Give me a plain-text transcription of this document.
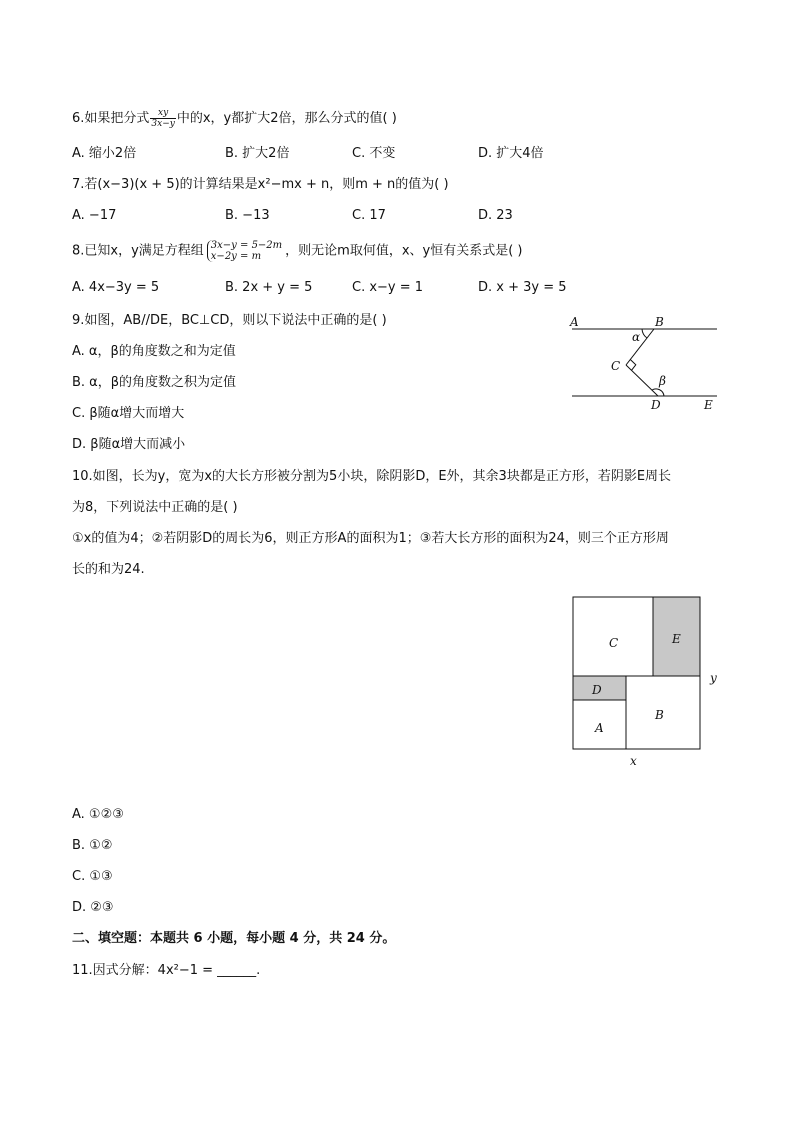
6.如果把分式 $\frac{xy}{3x-y}$ 中的x，y都扩大2倍，那么分式的值( )
A. 缩小2倍	B. 扩大2倍	C. 不变	D. 扩大4倍
7.若(x−3)(x + 5)的计算结果是x²−mx + n，则m + n的值为( )
A. −17	B. −13	C. 17	D. 23
8.已知x，y满足方程组 3x−y = 5−2m
x−2y = m	，则无论m取何值，x、y恒有关系式是( )
A. 4x−3y = 5	B. 2x + y = 5	C. x−y = 1	D. x + 3y = 5
9.如图，AB//DE，BC⊥CD，则以下说法中正确的是( )
A. α，β的角度数之和为定值
B. α，β的角度数之积为定值
C. β随α增大而增大
D. β随α增大而减小
A	B
α
C
β
D	E
10.如图，长为y，宽为x的大长方形被分割为5小块，除阴影D，E外，其余3块都是正方形，若阴影E周长
为8，下列说法中正确的是( )
①x的值为4；②若阴影D的周长为6，则正方形A的面积为1；③若大长方形的面积为24，则三个正方形周
长的和为24.
C	E
D
A
B
x
y
A. ①②③
B. ①②
C. ①③
D. ②③
二、填空题：本题共 6 小题，每小题 4 分，共 24 分。
11.因式分解：4x²−1 = ______.
